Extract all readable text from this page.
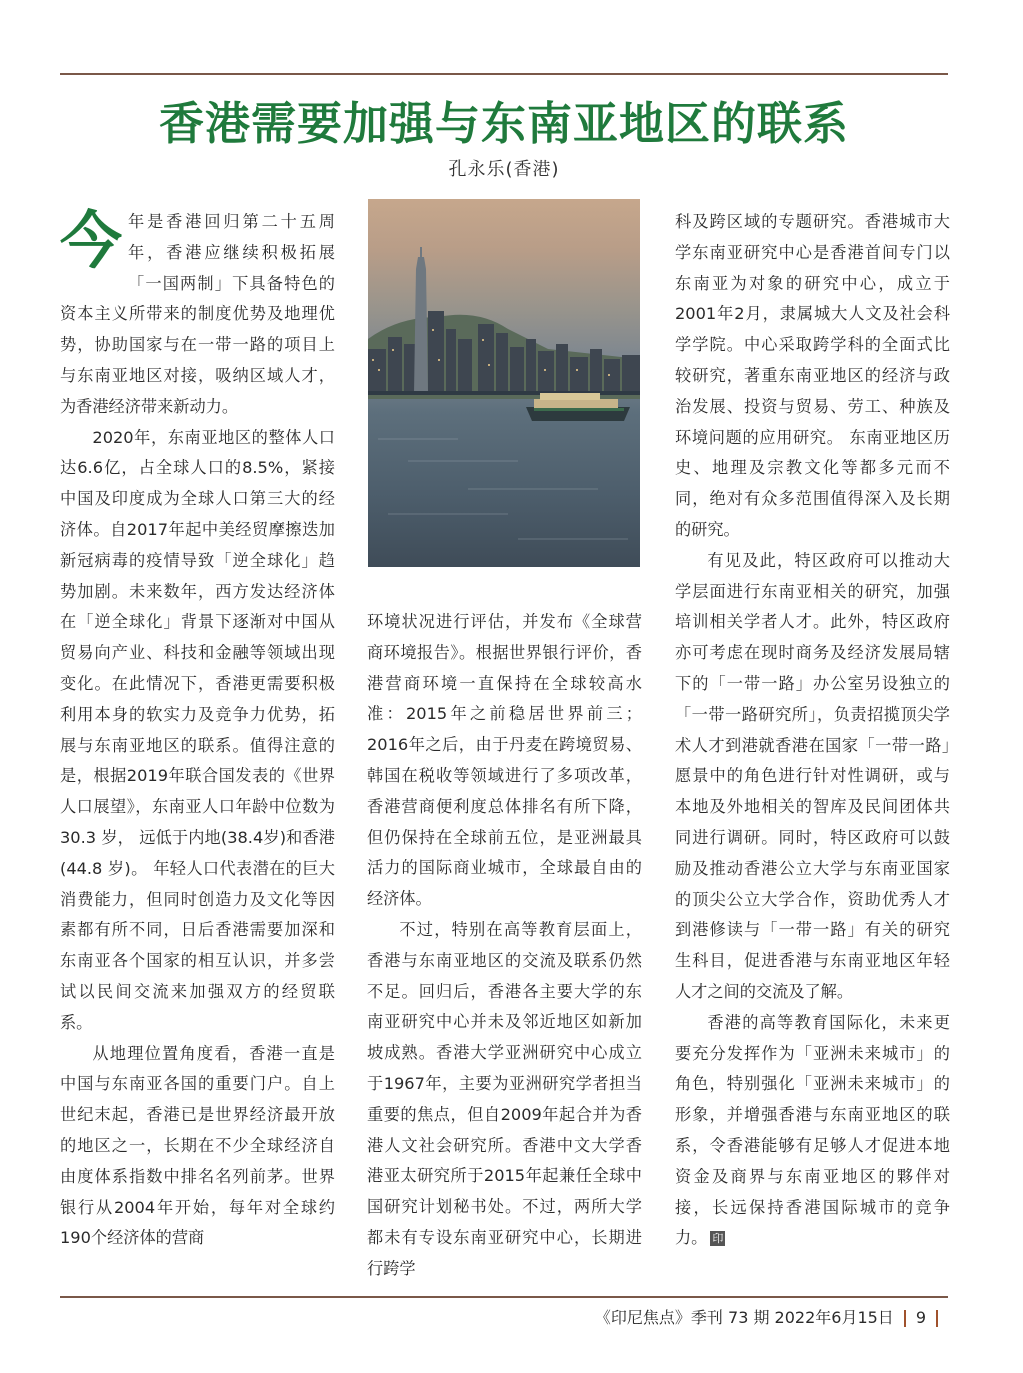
香港需要加强与东南亚地区的联系
孔永乐(香港)

今年是香港回归第二十五周年，香港应继续积极拓展「一国两制」下具备特色的资本主义所带来的制度优势及地理优势，协助国家与在一带一路的项目上与东南亚地区对接，吸纳区域人才，为香港经济带来新动力。

2020年，东南亚地区的整体人口达6.6亿，占全球人口的8.5%，紧接中国及印度成为全球人口第三大的经济体。自2017年起中美经贸摩擦迭加新冠病毒的疫情导致「逆全球化」趋势加剧。未来数年，西方发达经济体在「逆全球化」背景下逐渐对中国从贸易向产业、科技和金融等领域出现变化。在此情况下，香港更需要积极利用本身的软实力及竞争力优势，拓展与东南亚地区的联系。值得注意的是，根据2019年联合国发表的《世界人口展望》，东南亚人口年龄中位数为 30.3 岁， 远低于内地(38.4岁)和香港(44.8 岁)。 年轻人口代表潜在的巨大消费能力，但同时创造力及文化等因素都有所不同，日后香港需要加深和东南亚各个国家的相互认识，并多尝试以民间交流来加强双方的经贸联系。

从地理位置角度看，香港一直是中国与东南亚各国的重要门户。自上世纪末起，香港已是世界经济最开放的地区之一，长期在不少全球经济自由度体系指数中排名名列前茅。世界银行从2004年开始，每年对全球约190个经济体的营商

环境状况进行评估，并发布《全球营商环境报告》。根据世界银行评价，香港营商环境一直保持在全球较高水准：2015年之前稳居世界前三；2016年之后，由于丹麦在跨境贸易、韩国在税收等领域进行了多项改革，香港营商便利度总体排名有所下降，但仍保持在全球前五位，是亚洲最具活力的国际商业城市，全球最自由的经济体。

不过，特别在高等教育层面上，香港与东南亚地区的交流及联系仍然不足。回归后，香港各主要大学的东南亚研究中心并未及邻近地区如新加坡成熟。香港大学亚洲研究中心成立于1967年，主要为亚洲研究学者担当重要的焦点，但自2009年起合并为香港人文社会研究所。香港中文大学香港亚太研究所于2015年起兼任全球中国研究计划秘书处。不过，两所大学都未有专设东南亚研究中心，长期进行跨学

科及跨区域的专题研究。香港城市大学东南亚研究中心是香港首间专门以东南亚为对象的研究中心，成立于2001年2月，隶属城大人文及社会科学学院。中心采取跨学科的全面式比较研究，著重东南亚地区的经济与政治发展、投资与贸易、劳工、种族及环境问题的应用研究。 东南亚地区历史、地理及宗教文化等都多元而不同，绝对有众多范围值得深入及长期的研究。

有见及此，特区政府可以推动大学层面进行东南亚相关的研究，加强培训相关学者人才。此外，特区政府亦可考虑在现时商务及经济发展局辖下的「一带一路」办公室另设独立的「一带一路研究所」，负责招揽顶尖学术人才到港就香港在国家「一带一路」愿景中的角色进行针对性调研，或与本地及外地相关的智库及民间团体共同进行调研。同时，特区政府可以鼓励及推动香港公立大学与东南亚国家的顶尖公立大学合作，资助优秀人才到港修读与「一带一路」有关的研究生科目，促进香港与东南亚地区年轻人才之间的交流及了解。

香港的高等教育国际化，未来更要充分发挥作为「亚洲未来城市」的角色，特别强化「亚洲未来城市」的形象，并增强香港与东南亚地区的联系，令香港能够有足够人才促进本地资金及商界与东南亚地区的夥伴对接，长远保持香港国际城市的竞争力。 印

《印尼焦点》季刊 73 期 2022年6月15日 9
